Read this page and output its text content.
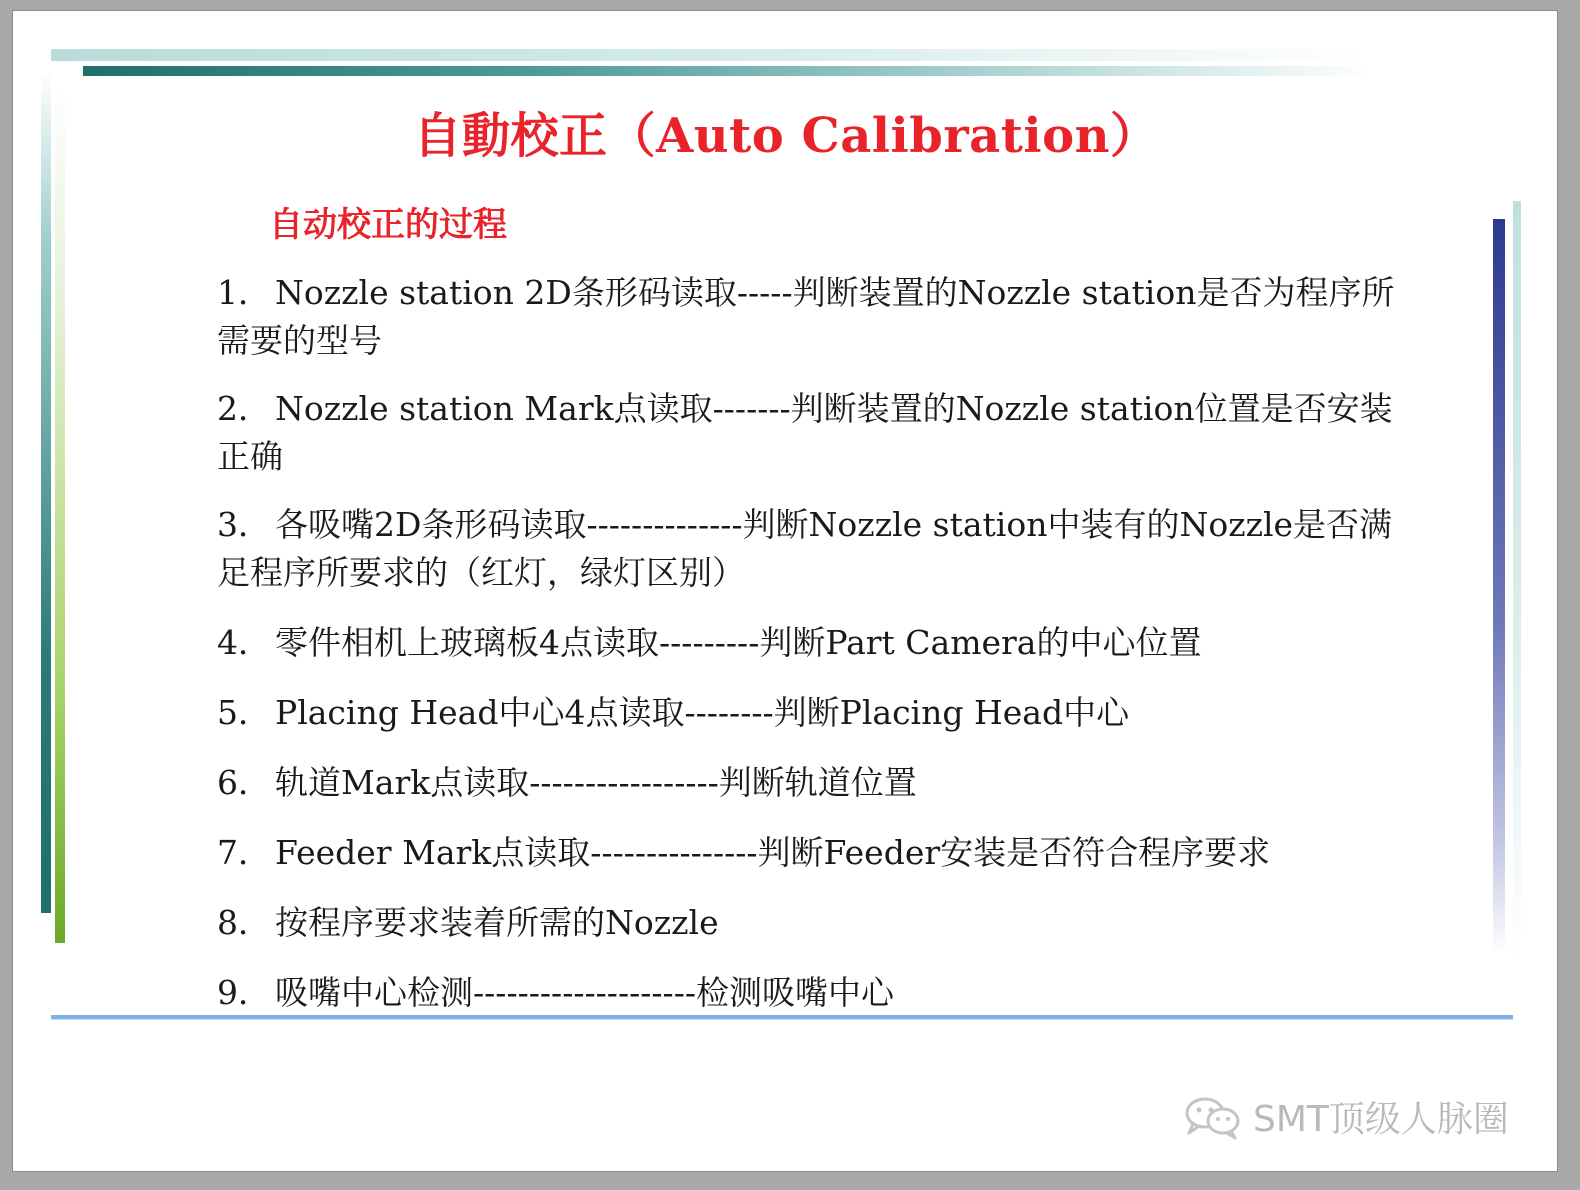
自動校正（Auto Calibration）
自动校正的过程
1． Nozzle station 2D条形码读取-----判断装置的Nozzle station是否为程序所需要的型号
2． Nozzle station Mark点读取-------判断装置的Nozzle station位置是否安装正确
3． 各吸嘴2D条形码读取--------------判断Nozzle station中装有的Nozzle是否满足程序所要求的（红灯，绿灯区别）
4． 零件相机上玻璃板4点读取---------判断Part Camera的中心位置
5． Placing Head中心4点读取--------判断Placing Head中心
6． 轨道Mark点读取-----------------判断轨道位置
7． Feeder Mark点读取---------------判断Feeder安装是否符合程序要求
8． 按程序要求装着所需的Nozzle
9． 吸嘴中心检测--------------------检测吸嘴中心
SMT顶级人脉圈
